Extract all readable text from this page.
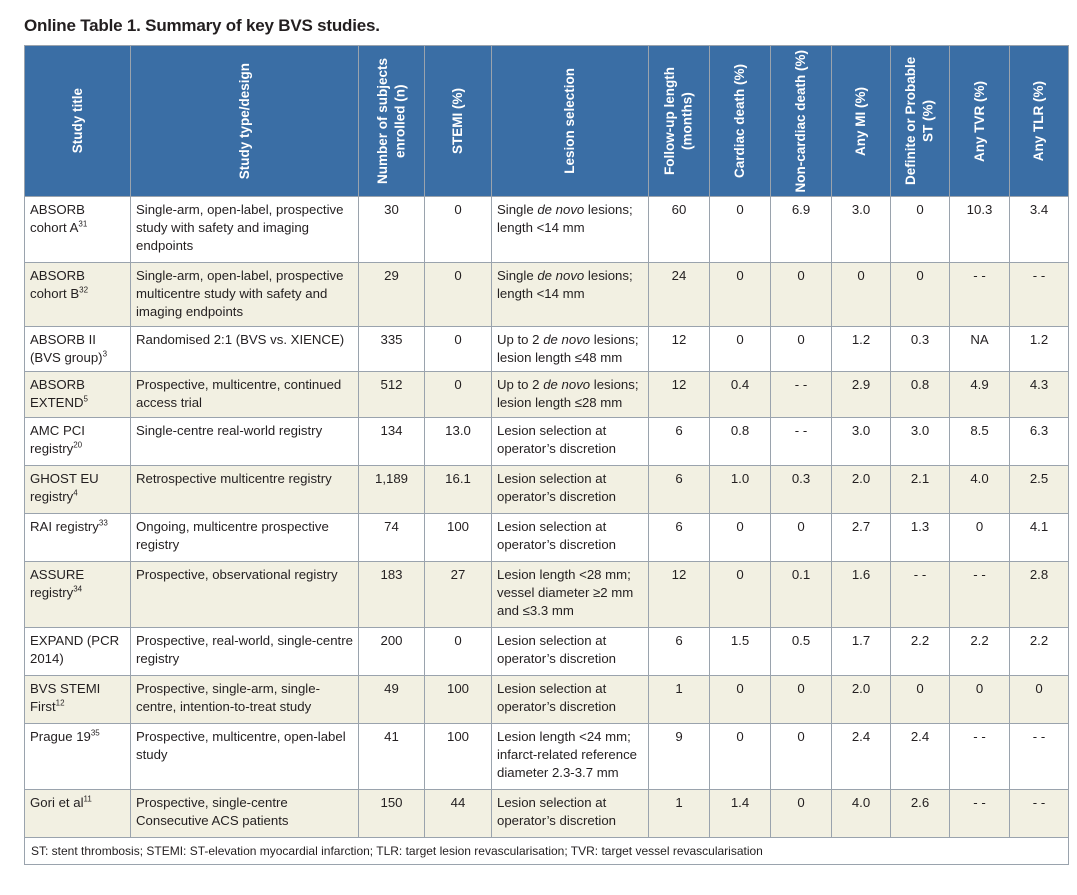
Online Table 1. Summary of key BVS studies.
Study title	Study type/design	Number of subjects enrolled (n)	STEMI (%)	Lesion selection	Follow-up length (months)	Cardiac death (%)	Non-cardiac death (%)	Any MI (%)	Definite or Probable ST (%)	Any TVR (%)	Any TLR (%)

ABSORB cohort $A^{31}$	Single-arm, open-label, prospective study with safety and imaging endpoints	30	0	Single de novo lesions; length <14 mm	60	0	6.9	3.0	0	10.3	3.4
ABSORB cohort $B^{32}$	Single-arm, open-label, prospective multicentre study with safety and imaging endpoints	29	0	Single de novo lesions; length <14 mm	24	0	0	0	0	- -	- -
ABSORB II (BVS group)$^3$	Randomised 2:1 (BVS vs. XIENCE)	335	0	Up to 2 de novo lesions; lesion length ≤48 mm	12	0	0	1.2	0.3	NA	1.2
ABSORB EXTEND$^5$	Prospective, multicentre, continued access trial	512	0	Up to 2 de novo lesions; lesion length ≤28 mm	12	0.4	- -	2.9	0.8	4.9	4.3
AMC PCI registry$^{20}$	Single-centre real-world registry	134	13.0	Lesion selection at operator’s discretion	6	0.8	- -	3.0	3.0	8.5	6.3
GHOST EU registry$^4$	Retrospective multicentre registry	1,189	16.1	Lesion selection at operator’s discretion	6	1.0	0.3	2.0	2.1	4.0	2.5
RAI registry$^{33}$	Ongoing, multicentre prospective registry	74	100	Lesion selection at operator’s discretion	6	0	0	2.7	1.3	0	4.1
ASSURE registry$^{34}$	Prospective, observational registry	183	27	Lesion length <28 mm; vessel diameter ≥2 mm and ≤3.3 mm	12	0	0.1	1.6	- -	- -	2.8
EXPAND (PCR 2014)	Prospective, real-world, single-centre registry	200	0	Lesion selection at operator’s discretion	6	1.5	0.5	1.7	2.2	2.2	2.2
BVS STEMI First$^{12}$	Prospective, single-arm, single-centre, intention-to-treat study	49	100	Lesion selection at operator’s discretion	1	0	0	2.0	0	0	0
Prague $19^{35}$	Prospective, multicentre, open-label study	41	100	Lesion length <24 mm; infarct-related reference diameter 2.3-3.7 mm	9	0	0	2.4	2.4	- -	- -
Gori et $al^{11}$	Prospective, single-centre Consecutive ACS patients	150	44	Lesion selection at operator’s discretion	1	1.4	0	4.0	2.6	- -	- -
ST: stent thrombosis; STEMI: ST-elevation myocardial infarction; TLR: target lesion revascularisation; TVR: target vessel revascularisation											
